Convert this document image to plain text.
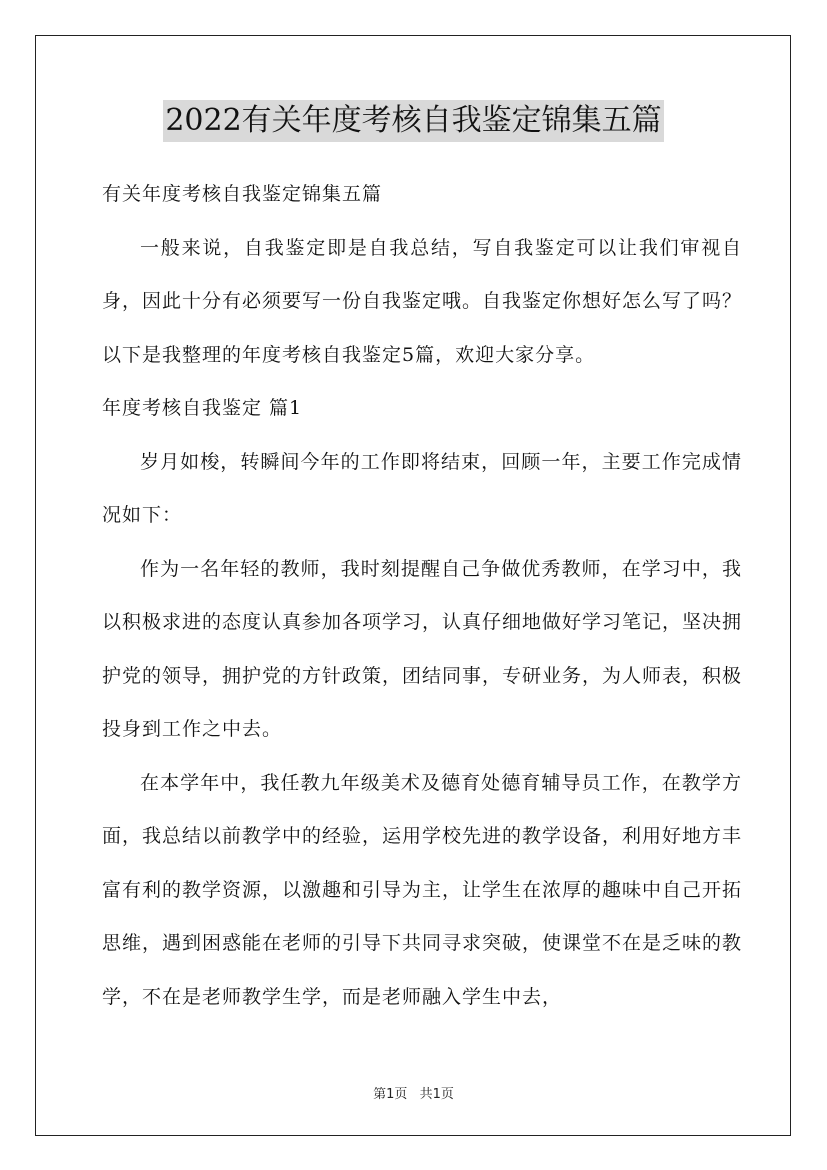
2022有关年度考核自我鉴定锦集五篇

有关年度考核自我鉴定锦集五篇

一般来说，自我鉴定即是自我总结，写自我鉴定可以让我们审视自身，因此十分有必须要写一份自我鉴定哦。自我鉴定你想好怎么写了吗？以下是我整理的年度考核自我鉴定5篇，欢迎大家分享。

年度考核自我鉴定 篇1

岁月如梭，转瞬间今年的工作即将结束，回顾一年，主要工作完成情况如下：

作为一名年轻的教师，我时刻提醒自己争做优秀教师，在学习中，我以积极求进的态度认真参加各项学习，认真仔细地做好学习笔记，坚决拥护党的领导，拥护党的方针政策，团结同事，专研业务，为人师表，积极投身到工作之中去。

在本学年中，我任教九年级美术及德育处德育辅导员工作，在教学方面，我总结以前教学中的经验，运用学校先进的教学设备，利用好地方丰富有利的教学资源，以激趣和引导为主，让学生在浓厚的趣味中自己开拓思维，遇到困惑能在老师的引导下共同寻求突破，使课堂不在是乏味的教学，不在是老师教学生学，而是老师融入学生中去，

第1页 共1页
